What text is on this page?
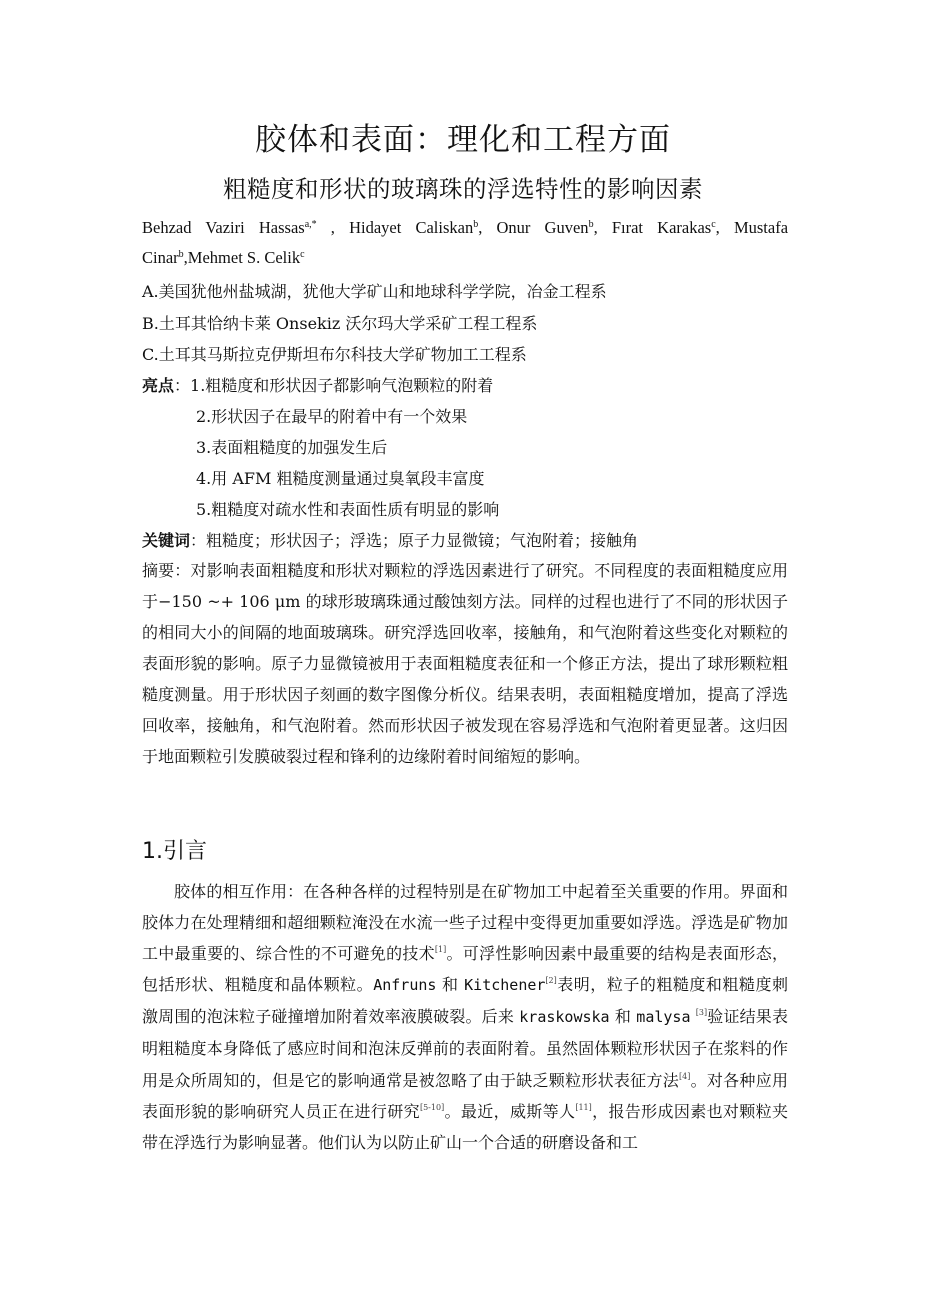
胶体和表面：理化和工程方面
粗糙度和形状的玻璃珠的浮选特性的影响因素
Behzad Vaziri Hassas$^{a,*}$ , Hidayet Caliskan$^b$, Onur Guven$^b$, Fırat Karakas$^c$, Mustafa Cinar$^b$,Mehmet S. Celik$^c$
A.美国犹他州盐城湖，犹他大学矿山和地球科学学院，冶金工程系
B.土耳其恰纳卡莱 Onsekiz 沃尔玛大学采矿工程工程系
C.土耳其马斯拉克伊斯坦布尔科技大学矿物加工工程系
亮点：1.粗糙度和形状因子都影响气泡颗粒的附着
2.形状因子在最早的附着中有一个效果
3.表面粗糙度的加强发生后
4.用 AFM 粗糙度测量通过臭氧段丰富度
5.粗糙度对疏水性和表面性质有明显的影响
关键词：粗糙度；形状因子；浮选；原子力显微镜；气泡附着；接触角
摘要：对影响表面粗糙度和形状对颗粒的浮选因素进行了研究。不同程度的表面粗糙度应用于−150 ~+ 106 μm 的球形玻璃珠通过酸蚀刻方法。同样的过程也进行了不同的形状因子的相同大小的间隔的地面玻璃珠。研究浮选回收率，接触角，和气泡附着这些变化对颗粒的表面形貌的影响。原子力显微镜被用于表面粗糙度表征和一个修正方法，提出了球形颗粒粗糙度测量。用于形状因子刻画的数字图像分析仪。结果表明，表面粗糙度增加，提高了浮选回收率，接触角，和气泡附着。然而形状因子被发现在容易浮选和气泡附着更显著。这归因于地面颗粒引发膜破裂过程和锋利的边缘附着时间缩短的影响。
1.引言

胶体的相互作用：在各种各样的过程特别是在矿物加工中起着至关重要的作用。界面和胶体力在处理精细和超细颗粒淹没在水流一些子过程中变得更加重要如浮选。浮选是矿物加工中最重要的、综合性的不可避免的技术[1]。可浮性影响因素中最重要的结构是表面形态，包括形状、粗糙度和晶体颗粒。Anfruns 和 Kitchener[2]表明，粒子的粗糙度和粗糙度刺激周围的泡沫粒子碰撞增加附着效率液膜破裂。后来 kraskowska 和 malysa [3]验证结果表明粗糙度本身降低了感应时间和泡沫反弹前的表面附着。虽然固体颗粒形状因子在浆料的作用是众所周知的，但是它的影响通常是被忽略了由于缺乏颗粒形状表征方法[4]。对各种应用表面形貌的影响研究人员正在进行研究[5-10]。最近，威斯等人[11]，报告形成因素也对颗粒夹带在浮选行为影响显著。他们认为以防止矿山一个合适的研磨设备和工
